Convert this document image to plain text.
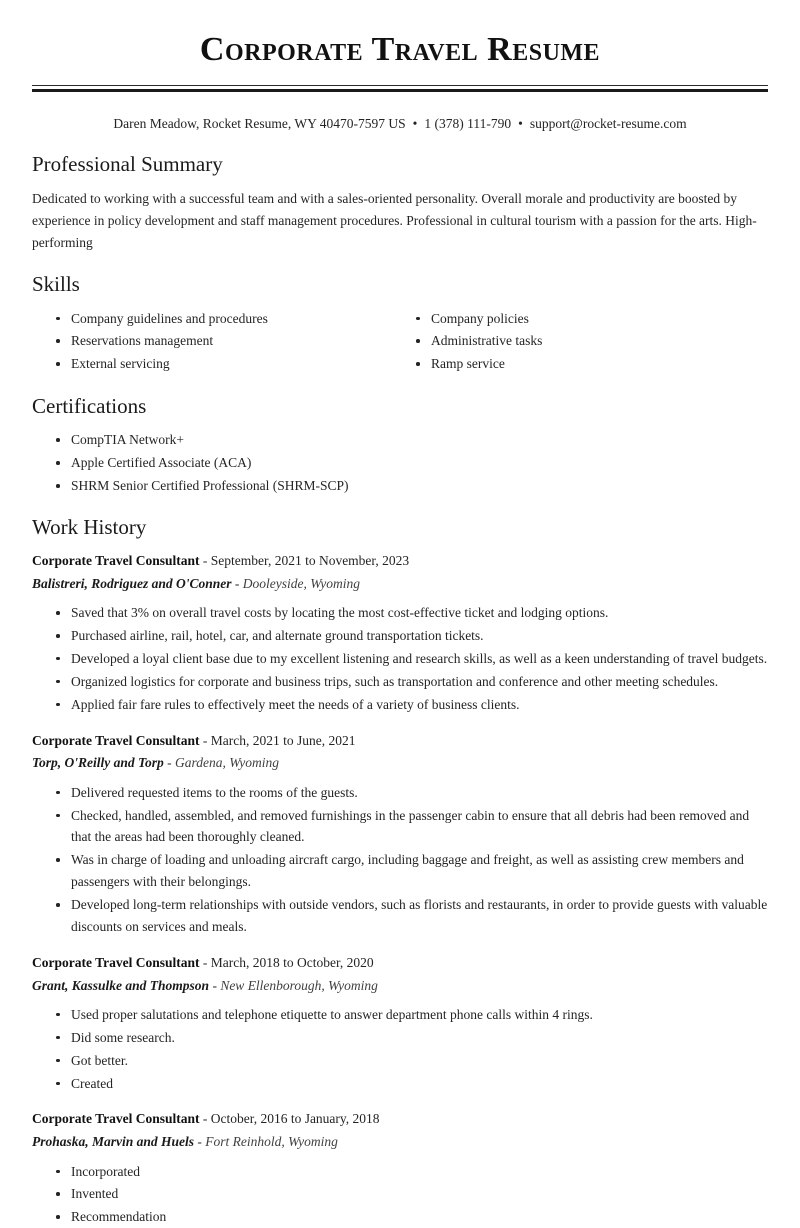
Corporate Travel Resume
Daren Meadow, Rocket Resume, WY 40470-7597 US • 1 (378) 111-790 • support@rocket-resume.com
Professional Summary

Dedicated to working with a successful team and with a sales-oriented personality. Overall morale and productivity are boosted by experience in policy development and staff management procedures. Professional in cultural tourism with a passion for the arts. High-performing

Skills
Company guidelines and procedures
Reservations management
External servicing
Company policies
Administrative tasks
Ramp service
Certifications
CompTIA Network+
Apple Certified Associate (ACA)
SHRM Senior Certified Professional (SHRM-SCP)
Work History
Corporate Travel Consultant - September, 2021 to November, 2023
Balistreri, Rodriguez and O'Conner - Dooleyside, Wyoming
Saved that 3% on overall travel costs by locating the most cost-effective ticket and lodging options.
Purchased airline, rail, hotel, car, and alternate ground transportation tickets.
Developed a loyal client base due to my excellent listening and research skills, as well as a keen understanding of travel budgets.
Organized logistics for corporate and business trips, such as transportation and conference and other meeting schedules.
Applied fair fare rules to effectively meet the needs of a variety of business clients.
Corporate Travel Consultant - March, 2021 to June, 2021
Torp, O'Reilly and Torp - Gardena, Wyoming
Delivered requested items to the rooms of the guests.
Checked, handled, assembled, and removed furnishings in the passenger cabin to ensure that all debris had been removed and that the areas had been thoroughly cleaned.
Was in charge of loading and unloading aircraft cargo, including baggage and freight, as well as assisting crew members and passengers with their belongings.
Developed long-term relationships with outside vendors, such as florists and restaurants, in order to provide guests with valuable discounts on services and meals.
Corporate Travel Consultant - March, 2018 to October, 2020
Grant, Kassulke and Thompson - New Ellenborough, Wyoming
Used proper salutations and telephone etiquette to answer department phone calls within 4 rings.
Did some research.
Got better.
Created
Corporate Travel Consultant - October, 2016 to January, 2018
Prohaska, Marvin and Huels - Fort Reinhold, Wyoming
Incorporated
Invented
Recommendation
